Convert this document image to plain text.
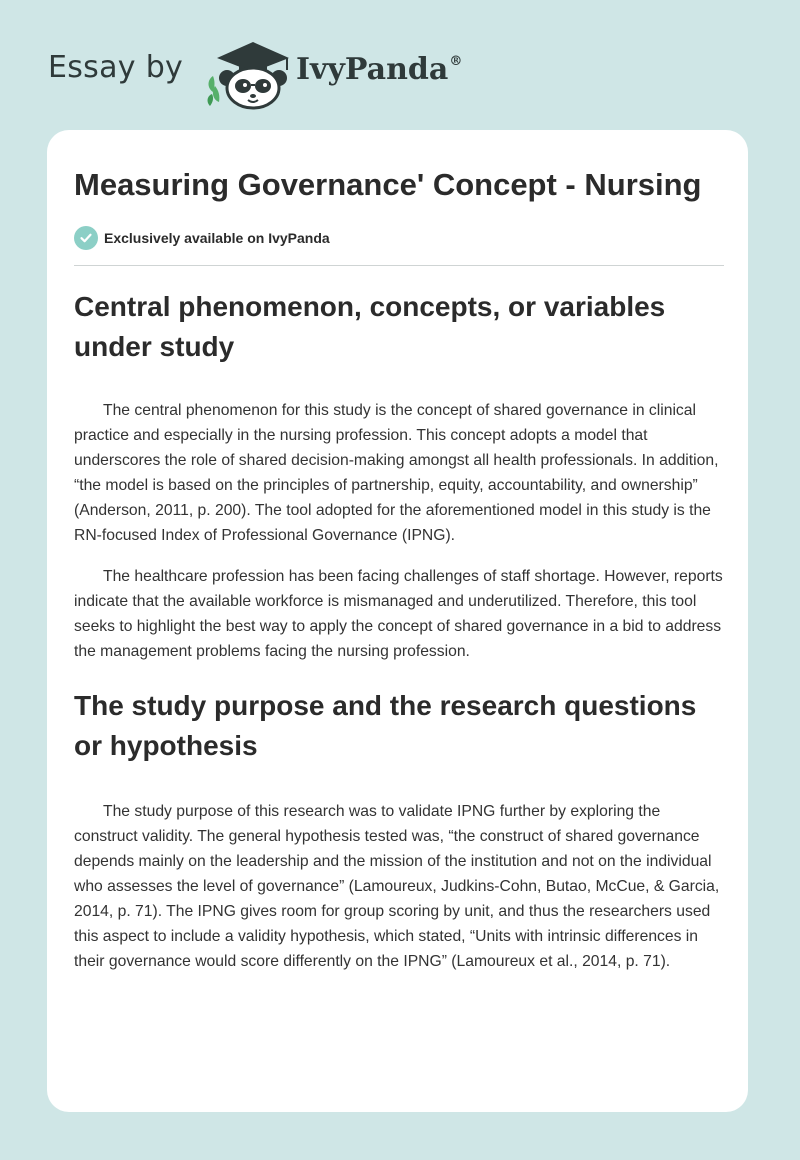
Essay by	IvyPanda®
Measuring Governance' Concept - Nursing
Exclusively available on IvyPanda
Central phenomenon, concepts, or variables under study

The central phenomenon for this study is the concept of shared governance in clinical practice and especially in the nursing profession. This concept adopts a model that underscores the role of shared decision-making amongst all health professionals. In addition, “the model is based on the principles of partnership, equity, accountability, and ownership” (Anderson, 2011, p. 200). The tool adopted for the aforementioned model in this study is the RN-focused Index of Professional Governance (IPNG).

The healthcare profession has been facing challenges of staff shortage. However, reports indicate that the available workforce is mismanaged and underutilized. Therefore, this tool seeks to highlight the best way to apply the concept of shared governance in a bid to address the management problems facing the nursing profession.

The study purpose and the research questions or hypothesis

The study purpose of this research was to validate IPNG further by exploring the construct validity. The general hypothesis tested was, “the construct of shared governance depends mainly on the leadership and the mission of the institution and not on the individual who assesses the level of governance” (Lamoureux, Judkins-Cohn, Butao, McCue, & Garcia, 2014, p. 71). The IPNG gives room for group scoring by unit, and thus the researchers used this aspect to include a validity hypothesis, which stated, “Units with intrinsic differences in their governance would score differently on the IPNG” (Lamoureux et al., 2014, p. 71).
